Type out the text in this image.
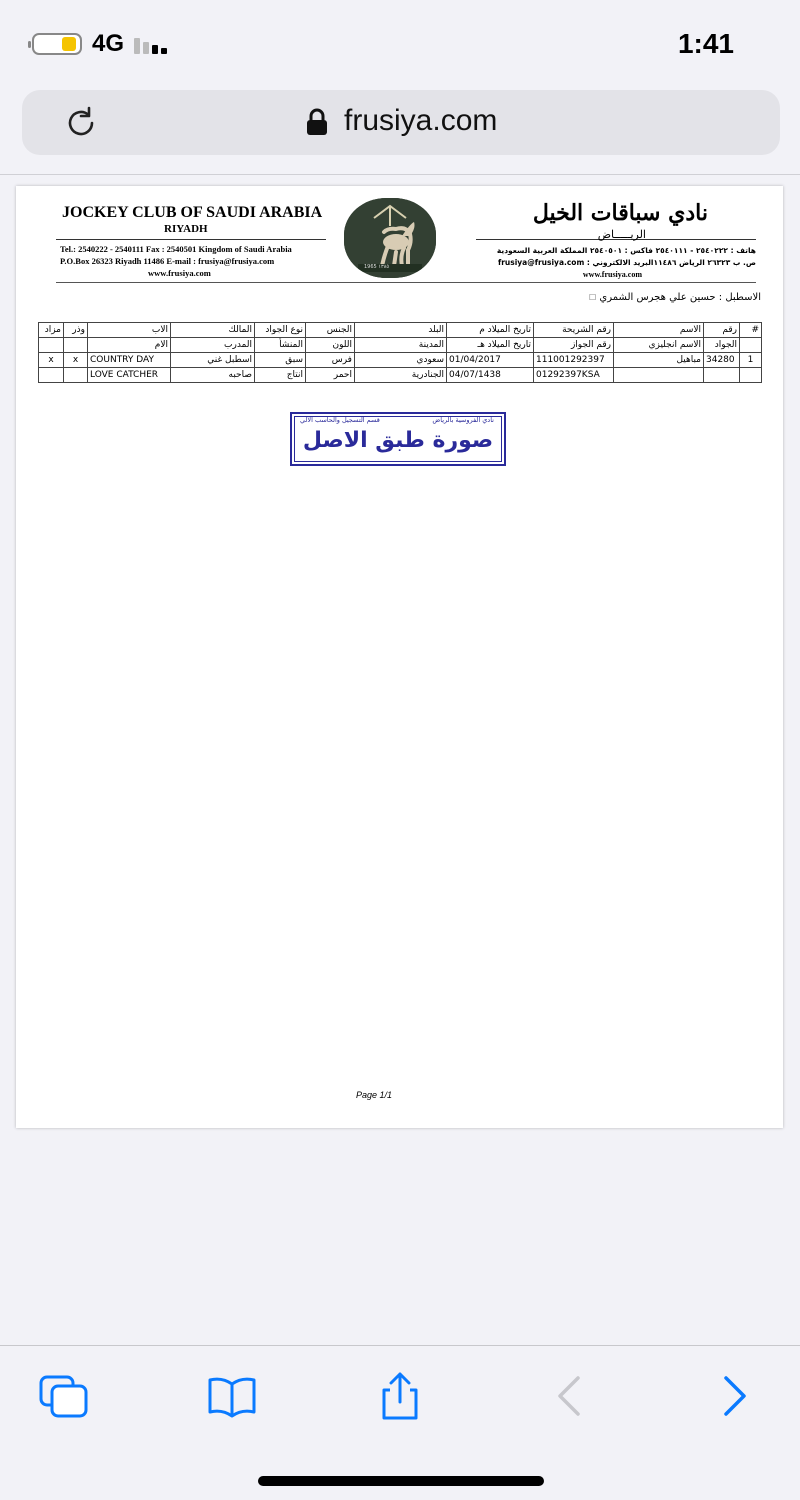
4G	1:41
frusiya.com
JOCKEY CLUB OF SAUDI ARABIA
RIYADH
Tel.: 2540222 - 2540111 Fax : 2540501 Kingdom of Saudi Arabia
P.O.Box 26323 Riyadh 11486 E-mail : frusiya@frusiya.com
www.frusiya.com
1965 ١٣٨٥
نادي سباقات الخيل
الريـــــاض
هاتف : ٢٥٤٠٢٢٢ - ٢٥٤٠١١١ فاكس : ٢٥٤٠٥٠١ المملكة العربية السعودية
ص. ب ٢٦٣٢٣ الرياض ١١٤٨٦البريد الالكتروني : frusiya@frusiya.com
www.frusiya.com
الاسطبل : حسين علي هجرس الشمري ☐
مزاد	وذر	الاب	المالك	نوع الجواد	الجنس	البلد	تاريخ الميلاد م	رقم الشريحة	الاسم	رقم	#
		الام	المدرب	المنشأ	اللون	المدينة	تاريخ الميلاد هـ	رقم الجواز	الاسم انجليزي	الجواد	
x	x	COUNTRY DAY	اسطبل غني	سبق	فرس	سعودي	01/04/2017	111001292397	مباهيل	34280	1
		LOVE CATCHER	صاحبه	انتاج	احمر	الجنادرية	04/07/1438	01292397KSA			
نادي الفروسية بالرياض
قسم التسجيل والحاسب الالي
صورة طبق الاصل
Page 1/1
